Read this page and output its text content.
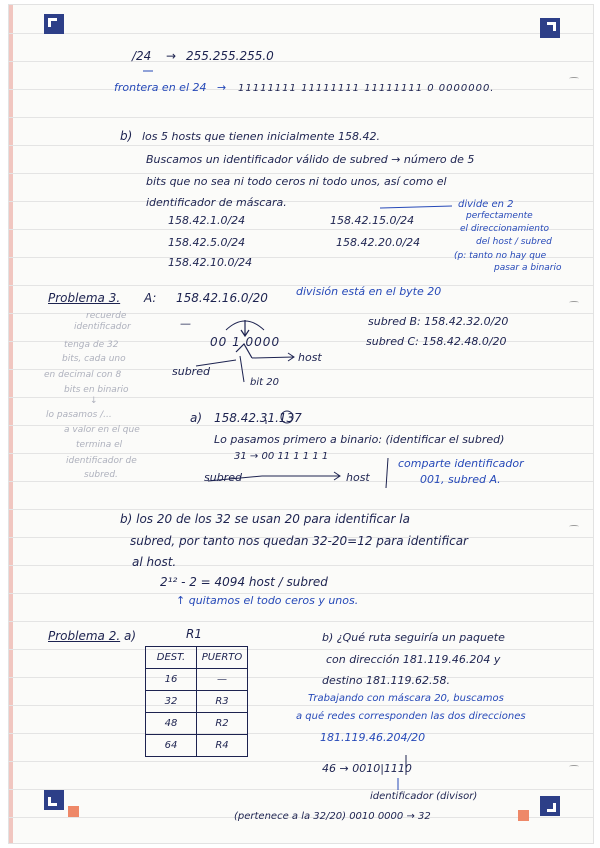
/24 → 255.255.255.0
frontera en el 24 → 11111111 11111111 11111111 0 0000000.
b) los 5 hosts que tienen inicialmente 158.42.
Buscamos un identificador válido de subred → número de 5
bits que no sea ni todo ceros ni todo unos, así como el
identificador de máscara.
158.42.1.0/24
158.42.5.0/24
158.42.10.0/24
158.42.15.0/24
158.42.20.0/24
divide en 2
perfectamente
el direccionamiento
del host / subred
(p: tanto no hay que
pasar a binario
Problema 3. A: 158.42.16.0/20	división está en el byte 20
—
00 1 0000
subred
host
bit 20
subred B: 158.42.32.0/20
subred C: 158.42.48.0/20
recuerde
identificador
tenga de 32
bits, cada uno
en decimal con 8
bits en binario
↓
lo pasamos /...
a valor en el que
termina el
identificador de
subred.
a) 158.42.31.137
Lo pasamos primero a binario: (identificar el subred)
31 → 00 11 1 1 1 1
subred	host
comparte identificador
001, subred A.
b) los 20 de los 32 se usan 20 para identificar la
subred, por tanto nos quedan 32-20=12 para identificar
al host.
2¹² - 2 = 4094 host / subred
↑ quitamos el todo ceros y unos.
Problema 2. a)	R1
DEST.	PUERTO
16	—
32	R3
48	R2
64	R4
b) ¿Qué ruta seguiría un paquete
con dirección 181.119.46.204 y
destino 181.119.62.58.
Trabajando con máscara 20, buscamos
a qué redes corresponden las dos direcciones
181.119.46.204/20
46 → 0010|1110
identificador (divisor)
(pertenece a la 32/20) 0010 0000 → 32
